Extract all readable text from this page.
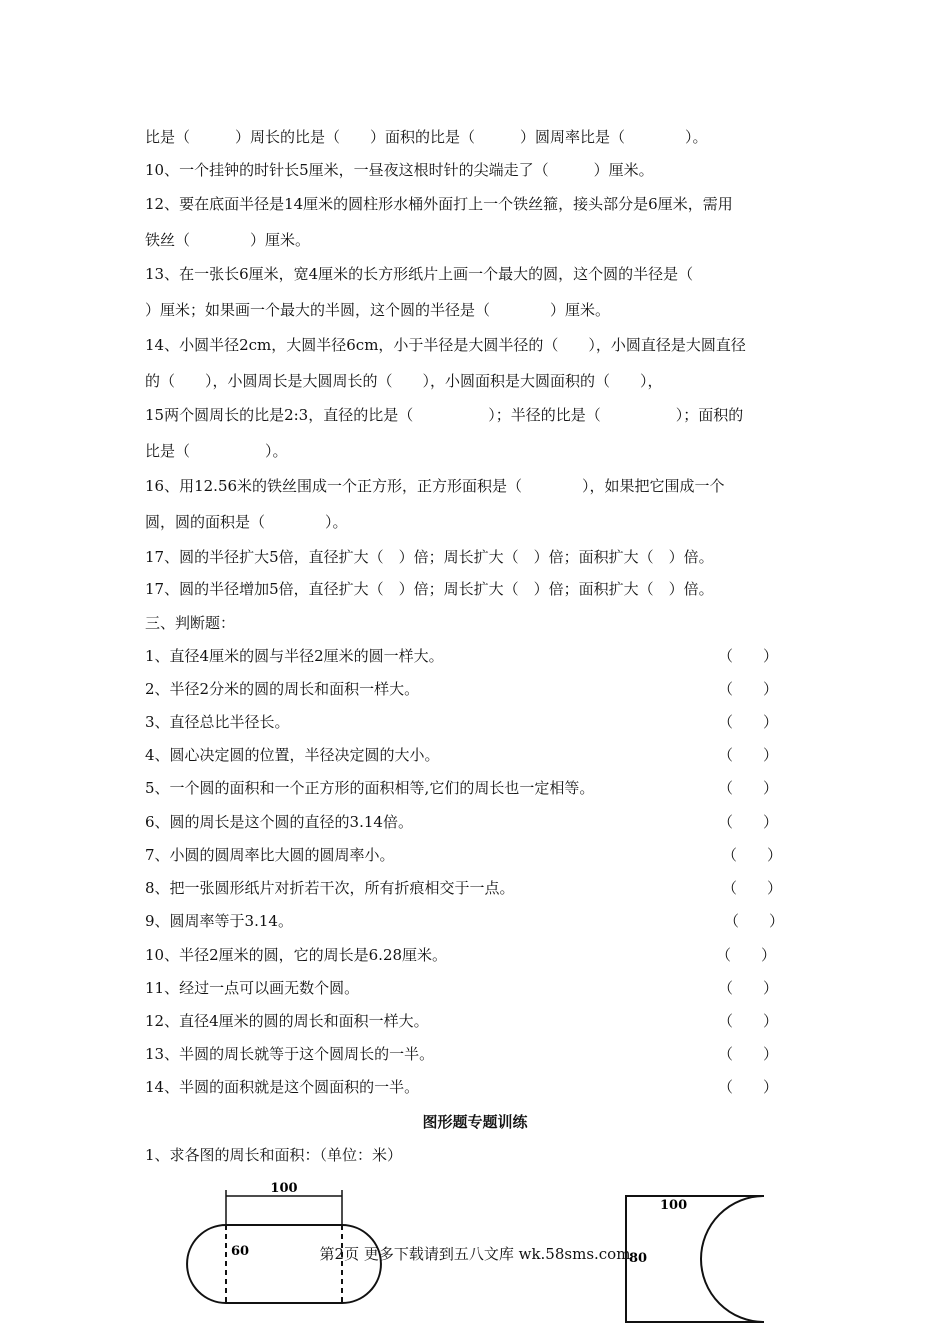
比是（　　　）周长的比是（　　）面积的比是（　　　）圆周率比是（　　　　）。
10、一个挂钟的时针长5厘米，一昼夜这根时针的尖端走了（　　　）厘米。
12、要在底面半径是14厘米的圆柱形水桶外面打上一个铁丝箍，接头部分是6厘米，需用
铁丝（　　　　）厘米。
13、在一张长6厘米，宽4厘米的长方形纸片上画一个最大的圆，这个圆的半径是（
）厘米；如果画一个最大的半圆，这个圆的半径是（　　　　）厘米。
14、小圆半径2cm，大圆半径6cm，小于半径是大圆半径的（　　），小圆直径是大圆直径
的（　　），小圆周长是大圆周长的（　　），小圆面积是大圆面积的（　　），
15两个圆周长的比是2:3，直径的比是（　　　　　）；半径的比是（　　　　　）；面积的
比是（　　　　　）。
16、用12.56米的铁丝围成一个正方形，正方形面积是（　　　　），如果把它围成一个
圆，圆的面积是（　　　　）。
17、圆的半径扩大5倍，直径扩大（　）倍；周长扩大（　）倍；面积扩大（　）倍。
17、圆的半径增加5倍，直径扩大（　）倍；周长扩大（　）倍；面积扩大（　）倍。
三、判断题：
1、直径4厘米的圆与半径2厘米的圆一样大。	（　　）
2、半径2分米的圆的周长和面积一样大。	（　　）
3、直径总比半径长。	（　　）
4、圆心决定圆的位置，半径决定圆的大小。	（　　）
5、一个圆的面积和一个正方形的面积相等,它们的周长也一定相等。	（　　）
6、圆的周长是这个圆的直径的3.14倍。	（　　）
7、小圆的圆周率比大圆的圆周率小。	（　　）
8、把一张圆形纸片对折若干次，所有折痕相交于一点。	（　　）
9、圆周率等于3.14。	（　　）
10、半径2厘米的圆，它的周长是6.28厘米。	（　　）
11、经过一点可以画无数个圆。	（　　）
12、直径4厘米的圆的周长和面积一样大。	（　　）
13、半圆的周长就等于这个圆周长的一半。	（　　）
14、半圆的面积就是这个圆面积的一半。	（　　）
图形题专题训练
1、求各图的周长和面积：（单位：米）
100
60
100
80
第2页 更多下载请到五八文库 wk.58sms.com
